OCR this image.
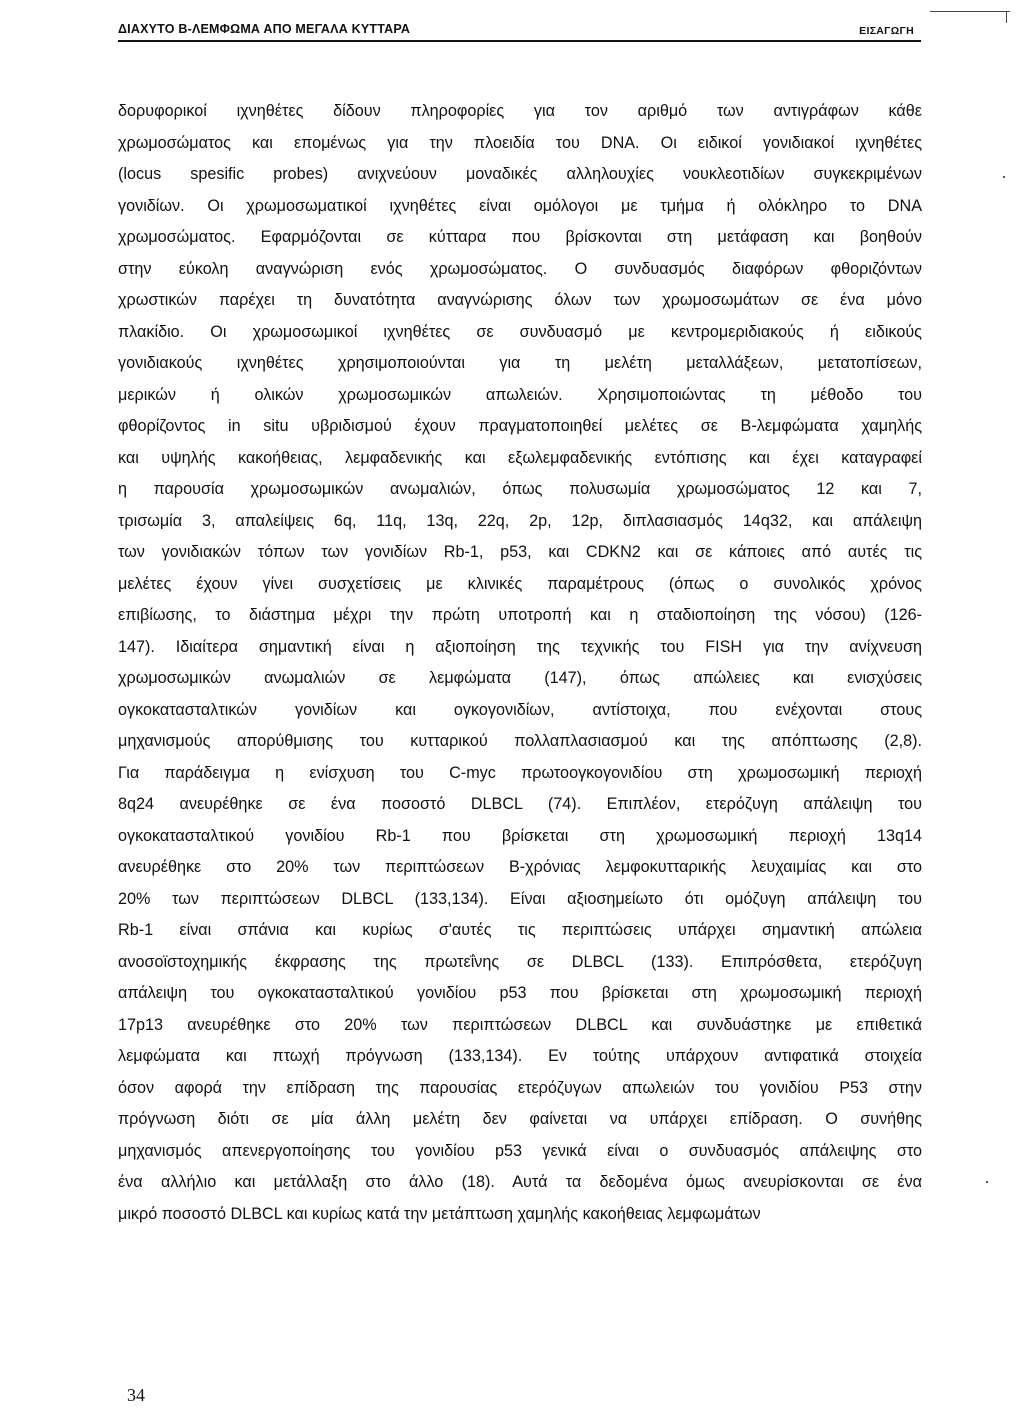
ΔΙΑΧΥΤΟ Β-ΛΕΜΦΩΜΑ ΑΠΟ ΜΕΓΑΛΑ ΚΥΤΤΑΡΑ	ΕΙΣΑΓΩΓΗ
δορυφορικοί ιχνηθέτες δίδουν πληροφορίες για τον αριθμό των αντιγράφων κάθε
χρωμοσώματος και επομένως για την πλοειδία του DNA. Οι ειδικοί γονιδιακοί ιχνηθέτες
(locus spesific probes) ανιχνεύουν μοναδικές αλληλουχίες νουκλεοτιδίων συγκεκριμένων
γονιδίων. Οι χρωμοσωματικοί ιχνηθέτες είναι ομόλογοι με τμήμα ή ολόκληρο το DNA
χρωμοσώματος. Εφαρμόζονται σε κύτταρα που βρίσκονται στη μετάφαση και βοηθούν
στην εύκολη αναγνώριση ενός χρωμοσώματος. Ο συνδυασμός διαφόρων φθοριζόντων
χρωστικών παρέχει τη δυνατότητα αναγνώρισης όλων των χρωμοσωμάτων σε ένα μόνο
πλακίδιο. Οι χρωμοσωμικοί ιχνηθέτες σε συνδυασμό με κεντρομεριδιακούς ή ειδικούς
γονιδιακούς ιχνηθέτες χρησιμοποιούνται για τη μελέτη μεταλλάξεων, μετατοπίσεων,
μερικών ή ολικών χρωμοσωμικών απωλειών. Χρησιμοποιώντας τη μέθοδο του
φθορίζοντος in situ υβριδισμού έχουν πραγματοποιηθεί μελέτες σε Β-λεμφώματα χαμηλής
και υψηλής κακοήθειας, λεμφαδενικής και εξωλεμφαδενικής εντόπισης και έχει καταγραφεί
η παρουσία χρωμοσωμικών ανωμαλιών, όπως πολυσωμία χρωμοσώματος 12 και 7,
τρισωμία 3, απαλείψεις 6q, 11q, 13q, 22q, 2p, 12p, διπλασιασμός 14q32, και απάλειψη
των γονιδιακών τόπων των γονιδίων Rb-1, p53, και CDKN2 και σε κάποιες από αυτές τις
μελέτες έχουν γίνει συσχετίσεις με κλινικές παραμέτρους (όπως ο συνολικός χρόνος
επιβίωσης, το διάστημα μέχρι την πρώτη υποτροπή και η σταδιοποίηση της νόσου) (126-
147). Ιδιαίτερα σημαντική είναι η αξιοποίηση της τεχνικής του FISH για την ανίχνευση
χρωμοσωμικών ανωμαλιών σε λεμφώματα (147), όπως απώλειες και ενισχύσεις
ογκοκατασταλτικών γονιδίων και ογκογονιδίων, αντίστοιχα, που ενέχονται στους
μηχανισμούς απορύθμισης του κυτταρικού πολλαπλασιασμού και της απόπτωσης (2,8).
Για παράδειγμα η ενίσχυση του C-myc πρωτοογκογονιδίου στη χρωμοσωμική περιοχή
8q24 ανευρέθηκε σε ένα ποσοστό DLBCL (74). Επιπλέον, ετερόζυγη απάλειψη του
ογκοκατασταλτικού γονιδίου Rb-1 που βρίσκεται στη χρωμοσωμική περιοχή 13q14
ανευρέθηκε στο 20% των περιπτώσεων Β-χρόνιας λεμφοκυτταρικής λευχαιμίας και στο
20% των περιπτώσεων DLBCL (133,134). Είναι αξιοσημείωτο ότι ομόζυγη απάλειψη του
Rb-1 είναι σπάνια και κυρίως σ'αυτές τις περιπτώσεις υπάρχει σημαντική απώλεια
ανοσοϊστοχημικής έκφρασης της πρωτεΐνης σε DLBCL (133). Επιπρόσθετα, ετερόζυγη
απάλειψη του ογκοκατασταλτικού γονιδίου p53 που βρίσκεται στη χρωμοσωμική περιοχή
17p13 ανευρέθηκε στο 20% των περιπτώσεων DLBCL και συνδυάστηκε με επιθετικά
λεμφώματα και πτωχή πρόγνωση (133,134). Εν τούτης υπάρχουν αντιφατικά στοιχεία
όσον αφορά την επίδραση της παρουσίας ετερόζυγων απωλειών του γονιδίου P53 στην
πρόγνωση διότι σε μία άλλη μελέτη δεν φαίνεται να υπάρχει επίδραση. Ο συνήθης
μηχανισμός απενεργοποίησης του γονιδίου p53 γενικά είναι ο συνδυασμός απάλειψης στο
ένα αλλήλιο και μετάλλαξη στο άλλο (18). Αυτά τα δεδομένα όμως ανευρίσκονται σε ένα
μικρό ποσοστό DLBCL και κυρίως κατά την μετάπτωση χαμηλής κακοήθειας λεμφωμάτων
34
